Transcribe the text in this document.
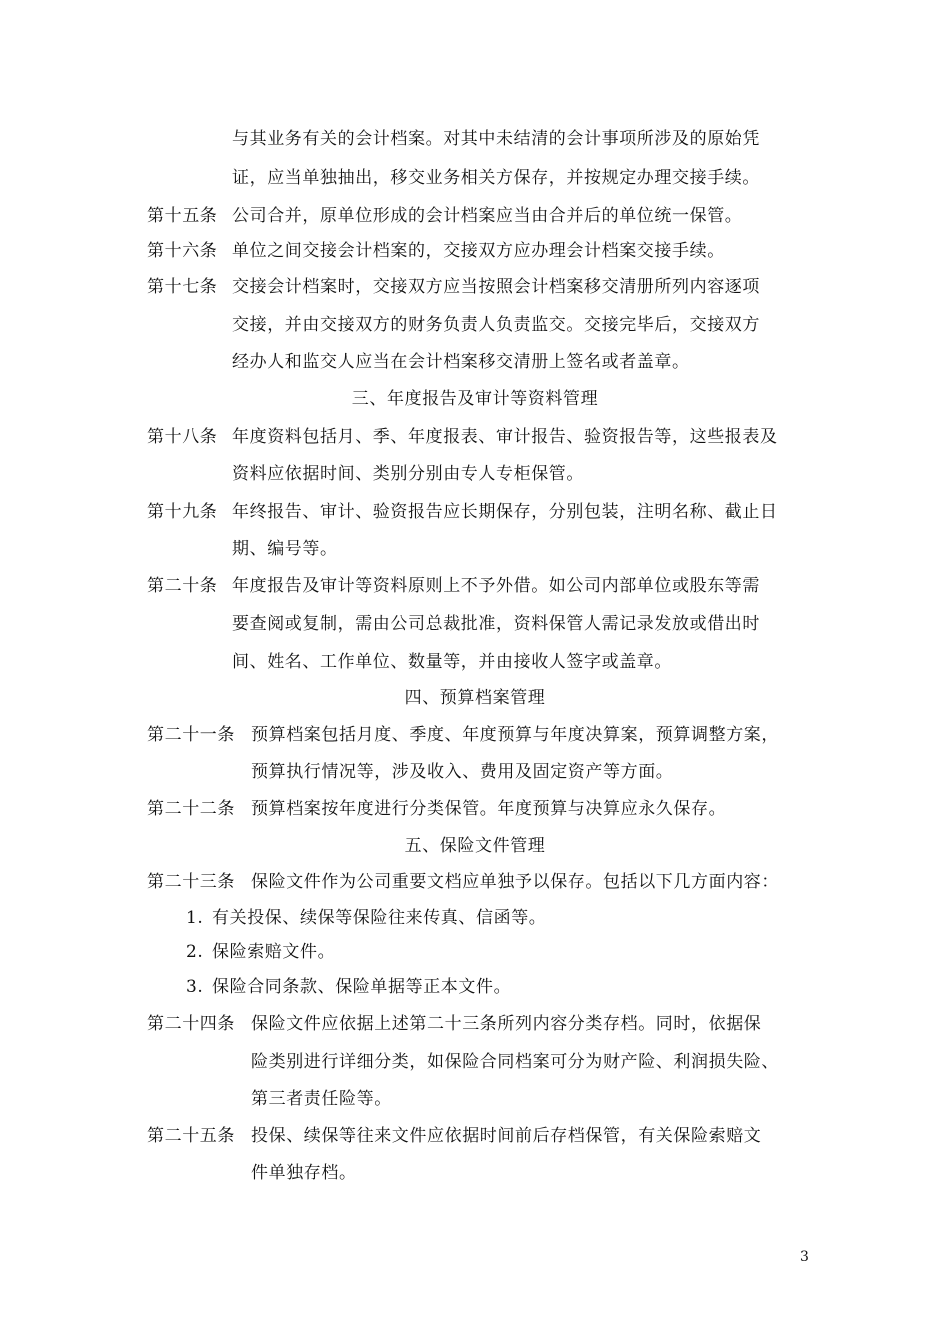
与其业务有关的会计档案。对其中未结清的会计事项所涉及的原始凭
证，应当单独抽出，移交业务相关方保存，并按规定办理交接手续。
第十五条 公司合并，原单位形成的会计档案应当由合并后的单位统一保管。
第十六条 单位之间交接会计档案的，交接双方应办理会计档案交接手续。
第十七条 交接会计档案时，交接双方应当按照会计档案移交清册所列内容逐项
交接，并由交接双方的财务负责人负责监交。交接完毕后，交接双方
经办人和监交人应当在会计档案移交清册上签名或者盖章。
三、年度报告及审计等资料管理
第十八条 年度资料包括月、季、年度报表、审计报告、验资报告等，这些报表及
资料应依据时间、类别分别由专人专柜保管。
第十九条 年终报告、审计、验资报告应长期保存，分别包装，注明名称、截止日
期、编号等。
第二十条 年度报告及审计等资料原则上不予外借。如公司内部单位或股东等需
要查阅或复制，需由公司总裁批准，资料保管人需记录发放或借出时
间、姓名、工作单位、数量等，并由接收人签字或盖章。
四、预算档案管理
第二十一条 预算档案包括月度、季度、年度预算与年度决算案，预算调整方案，
预算执行情况等，涉及收入、费用及固定资产等方面。
第二十二条 预算档案按年度进行分类保管。年度预算与决算应永久保存。
五、保险文件管理
第二十三条 保险文件作为公司重要文档应单独予以保存。包括以下几方面内容：
1. 有关投保、续保等保险往来传真、信函等。
2. 保险索赔文件。
3. 保险合同条款、保险单据等正本文件。
第二十四条 保险文件应依据上述第二十三条所列内容分类存档。同时，依据保
险类别进行详细分类，如保险合同档案可分为财产险、利润损失险、
第三者责任险等。
第二十五条 投保、续保等往来文件应依据时间前后存档保管，有关保险索赔文
件单独存档。
3
